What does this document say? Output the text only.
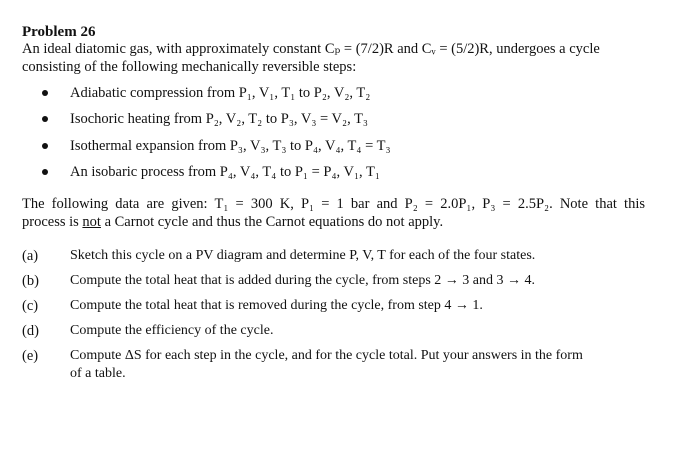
Problem 26
An ideal diatomic gas, with approximately constant Cₚ = (7/2)R and Cᵥ = (5/2)R, undergoes a cycle
consisting of the following mechanically reversible steps:
Adiabatic compression from P₁, V₁, T₁ to P₂, V₂, T₂
Isochoric heating from P₂, V₂, T₂ to P₃, V₃ = V₂, T₃
Isothermal expansion from P₃, V₃, T₃ to P₄, V₄, T₄ = T₃
An isobaric process from P₄, V₄, T₄ to P₁ = P₄, V₁, T₁
The following data are given: T₁ = 300 K, P₁ = 1 bar and P₂ = 2.0P₁, P₃ = 2.5P₂. Note that this
process is not a Carnot cycle and thus the Carnot equations do not apply.
(a) Sketch this cycle on a PV diagram and determine P, V, T for each of the four states.
(b) Compute the total heat that is added during the cycle, from steps 2 → 3 and 3 → 4.
(c) Compute the total heat that is removed during the cycle, from step 4 → 1.
(d) Compute the efficiency of the cycle.
(e) Compute ΔS for each step in the cycle, and for the cycle total. Put your answers in the form
of a table.
